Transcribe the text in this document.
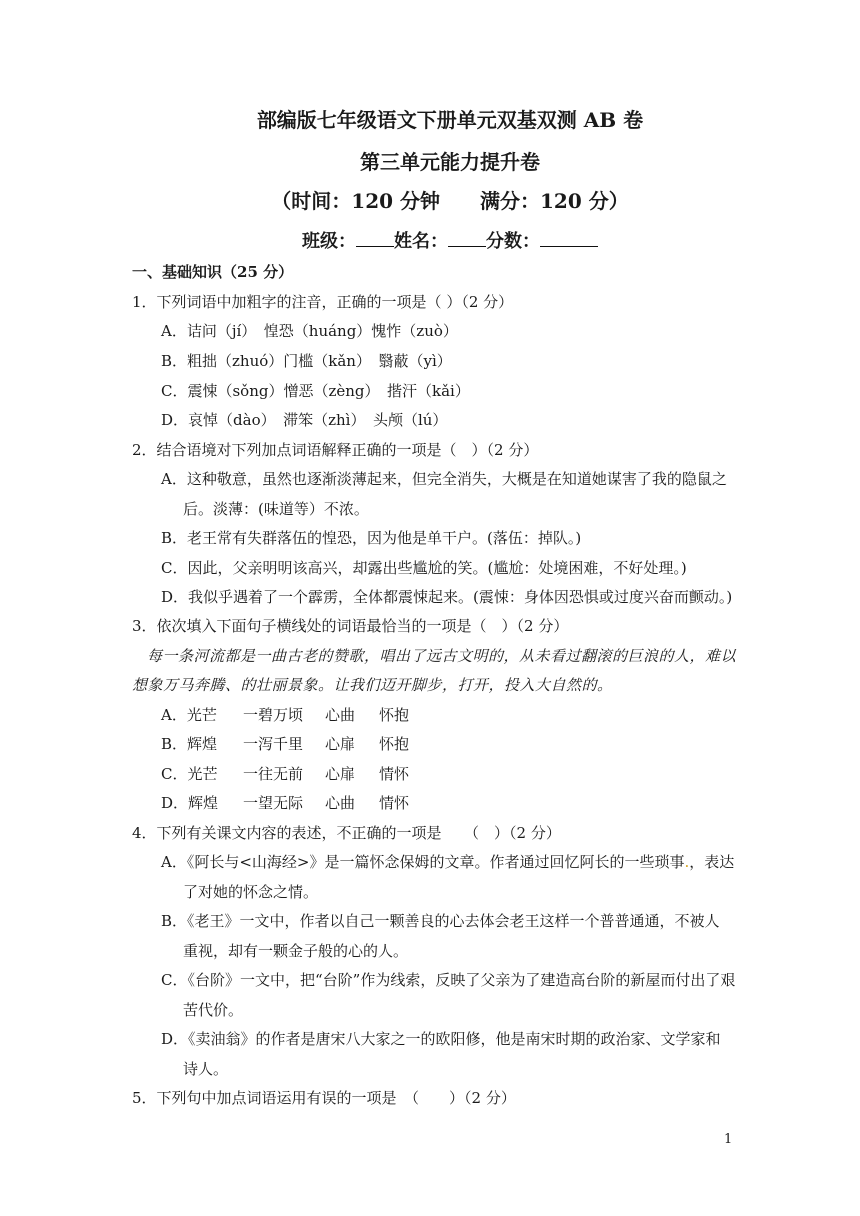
部编版七年级语文下册单元双基双测 AB 卷
第三单元能力提升卷
（时间：120 分钟　　满分：120 分）
班级： 姓名： 分数：
一、基础知识（25 分）
1．下列词语中加粗字的注音，正确的一项是（ ）（2 分）
A．诘问（jí）　惶恐（huáng）愧怍（zuò）
B．粗拙（zhuó）门槛（kǎn）　翳蔽（yì）
C．震悚（sǒng）憎恶（zèng）　揩汗（kǎi）
D．哀悼（dào）　滞笨（zhì）　头颅（lú）
2．结合语境对下列加点词语解释正确的一项是（　）（2 分）
A．这种敬意，虽然也逐渐淡薄起来，但完全消失，大概是在知道她谋害了我的隐鼠之
后。淡薄：(味道等）不浓。
B．老王常有失群落伍的惶恐，因为他是单干户。(落伍：掉队。)
C．因此，父亲明明该高兴，却露出些尴尬的笑。(尴尬：处境困难，不好处理。)
D．我似乎遇着了一个霹雳，全体都震悚起来。(震悚：身体因恐惧或过度兴奋而颤动。)
3．依次填入下面句子横线处的词语最恰当的一项是（　）（2 分）
每一条河流都是一曲古老的赞歌，唱出了远古文明的，从未看过翻滚的巨浪的人，难以
想象万马奔腾、的壮丽景象。让我们迈开脚步，打开，投入大自然的。
A．光芒 一碧万顷 心曲 怀抱
B．辉煌 一泻千里 心扉 怀抱
C．光芒 一往无前 心扉 情怀
D．辉煌 一望无际 心曲 情怀
4．下列有关课文内容的表述，不正确的一项是　　（　）（2 分）
A．《阿长与<山海经>》是一篇怀念保姆的文章。作者通过回忆阿长的一些琐事.，表达
了对她的怀念之情。
B．《老王》一文中，作者以自己一颗善良的心去体会老王这样一个普普通通，不被人
重视，却有一颗金子般的心的人。
C．《台阶》一文中，把“台阶”作为线索，反映了父亲为了建造高台阶的新屋而付出了艰
苦代价。
D．《卖油翁》的作者是唐宋八大家之一的欧阳修，他是南宋时期的政治家、文学家和
诗人。
5．下列句中加点词语运用有误的一项是　（　　）（2 分）
1
